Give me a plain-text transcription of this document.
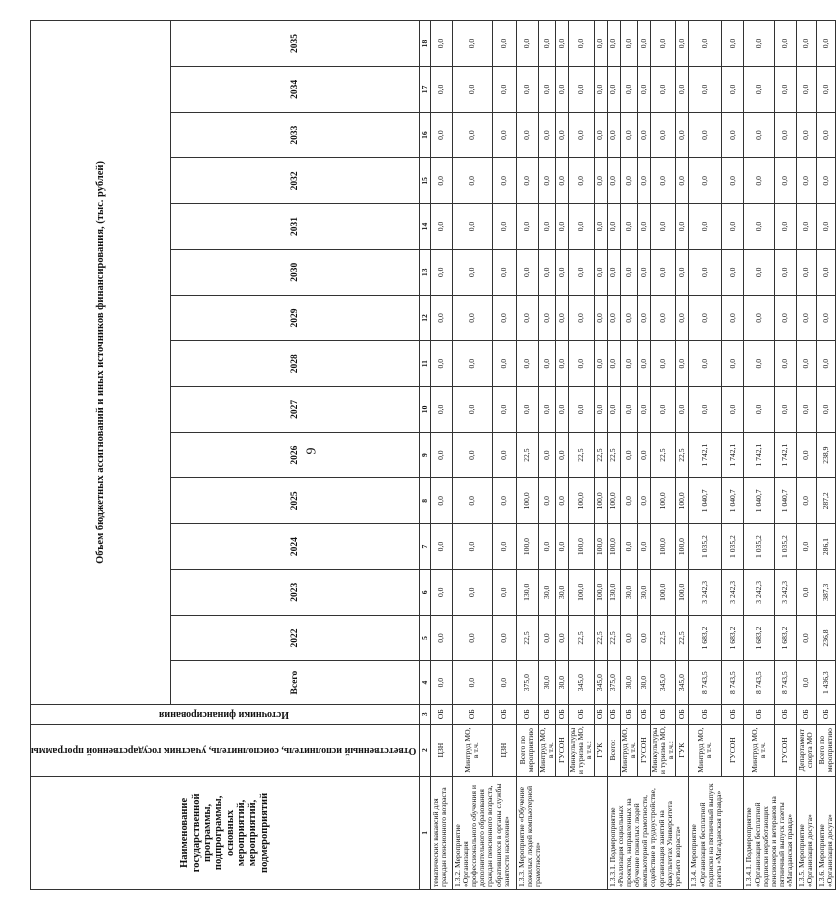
9
Наименование государственной программы, подпрограммы, основных мероприятий, мероприятий, подмероприятий	Ответственный исполнитель, соисполнитель, участник государственной программы	Источники финансирования	Объем бюджетных ассигнований и иных источников финансирования, (тыс. рублей)														
			Всего	2022	2023	2024	2025	2026	2027	2028	2029	2030	2031	2032	2033	2034	2035
1	2	3	4	5	6	7	8	9	10	11	12	13	14	15	16	17	18
тематических вакансий для граждан пенсионного возраста	ЦЗН	ОБ	0,0	0,0	0,0	0,0	0,0	0,0	0,0	0,0	0,0	0,0	0,0	0,0	0,0	0,0	0,0
1.3.2. Мероприятие «Организация профессионального обучения и дополнительного образования граждан пенсионного возраста, обратившихся в органы службы занятости населения»	Минтруд МО, в т.ч.	ОБ	0,0	0,0	0,0	0,0	0,0	0,0	0,0	0,0	0,0	0,0	0,0	0,0	0,0	0,0	0,0
	ЦЗН	ОБ	0,0	0,0	0,0	0,0	0,0	0,0	0,0	0,0	0,0	0,0	0,0	0,0	0,0	0,0	0,0
1.3.3. Мероприятие «Обучение пожилых людей компьютерной грамотности»	Всего по мероприятию	ОБ	375,0	22,5	130,0	100,0	100,0	22,5	0,0	0,0	0,0	0,0	0,0	0,0	0,0	0,0	0,0
	Минтруд МО, в т.ч.	ОБ	30,0	0,0	30,0	0,0	0,0	0,0	0,0	0,0	0,0	0,0	0,0	0,0	0,0	0,0	0,0
	ГУСОН	ОБ	30,0	0,0	30,0	0,0	0,0	0,0	0,0	0,0	0,0	0,0	0,0	0,0	0,0	0,0	0,0
	Минкультуры и туризма МО, в т.ч.:	ОБ	345,0	22,5	100,0	100,0	100,0	22,5	0,0	0,0	0,0	0,0	0,0	0,0	0,0	0,0	0,0
	ГУК	ОБ	345,0	22,5	100,0	100,0	100,0	22,5	0,0	0,0	0,0	0,0	0,0	0,0	0,0	0,0	0,0
1.3.3.1. Подмероприятие «Реализация социальных проектов, направленных на обучение пожилых людей компьютерной грамотности, содействие в трудоустройстве, организация занятий на факультетах Университета третьего возраста»	Всего:	ОБ	375,0	22,5	130,0	100,0	100,0	22,5	0,0	0,0	0,0	0,0	0,0	0,0	0,0	0,0	0,0
	Минтруд МО, в т.ч.	ОБ	30,0	0,0	30,0	0,0	0,0	0,0	0,0	0,0	0,0	0,0	0,0	0,0	0,0	0,0	0,0
	ГУСОН	ОБ	30,0	0,0	30,0	0,0	0,0	0,0	0,0	0,0	0,0	0,0	0,0	0,0	0,0	0,0	0,0
	Минкультуры и туризма МО, в т.ч.:	ОБ	345,0	22,5	100,0	100,0	100,0	22,5	0,0	0,0	0,0	0,0	0,0	0,0	0,0	0,0	0,0
	ГУК	ОБ	345,0	22,5	100,0	100,0	100,0	22,5	0,0	0,0	0,0	0,0	0,0	0,0	0,0	0,0	0,0
1.3.4. Мероприятие «Организация бесплатной подписки на пятничный выпуск газеты «Магаданская правда»	Минтруд МО, в т.ч.	ОБ	8 743,5	1 683,2	3 242,3	1 035,2	1 040,7	1 742,1	0,0	0,0	0,0	0,0	0,0	0,0	0,0	0,0	0,0
	ГУСОН	ОБ	8 743,5	1 683,2	3 242,3	1 035,2	1 040,7	1 742,1	0,0	0,0	0,0	0,0	0,0	0,0	0,0	0,0	0,0
1.3.4.1. Подмероприятие «Организация бесплатной подписки неработающих пенсионеров и ветеранов на пятничный выпуск газеты «Магаданская правда»	Минтруд МО, в т.ч.	ОБ	8 743,5	1 683,2	3 242,3	1 035,2	1 040,7	1 742,1	0,0	0,0	0,0	0,0	0,0	0,0	0,0	0,0	0,0
	ГУСОН	ОБ	8 743,5	1 683,2	3 242,3	1 035,2	1 040,7	1 742,1	0,0	0,0	0,0	0,0	0,0	0,0	0,0	0,0	0,0
1.3.5. Мероприятие «Организация досуга»	Департамент спорта МО	ОБ	0,0	0,0	0,0	0,0	0,0	0,0	0,0	0,0	0,0	0,0	0,0	0,0	0,0	0,0	0,0
1.3.6. Мероприятие «Организация досуга»	Всего по мероприятию	ОБ	1 436,3	236,8	387,3	286,1	287,2	238,9	0,0	0,0	0,0	0,0	0,0	0,0	0,0	0,0	0,0
